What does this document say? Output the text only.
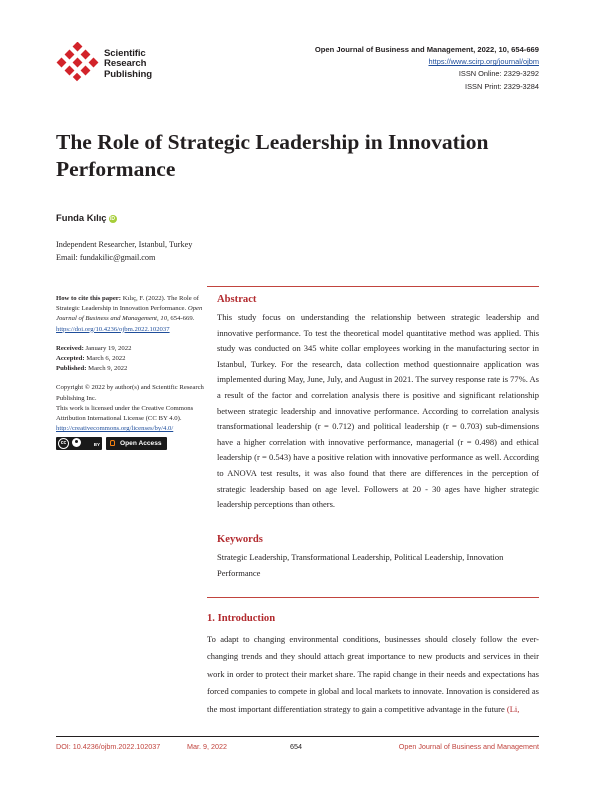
Scientific
Research
Publishing
Open Journal of Business and Management, 2022, 10, 654-669
https://www.scirp.org/journal/ojbm
ISSN Online: 2329-3292
ISSN Print: 2329-3284
The Role of Strategic Leadership in Innovation Performance
Funda Kılıç iD
Independent Researcher, Istanbul, Turkey
Email: fundakilic@gmail.com

How to cite this paper: Kılıç, F. (2022). The Role of Strategic Leadership in Innovation Performance. Open Journal of Business and Management, 10, 654-669.

https://doi.org/10.4236/ojbm.2022.102037

Received: January 19, 2022

Accepted: March 6, 2022

Published: March 9, 2022

Copyright © 2022 by author(s) and Scientific Research Publishing Inc.

This work is licensed under the Creative Commons Attribution International License (CC BY 4.0).

http://creativecommons.org/licenses/by/4.0/

cc	BY	Open Access
Abstract

This study focus on understanding the relationship between strategic leadership and innovative performance. To test the theoretical model quantitative method was applied. This study was conducted on 345 white collar employees working in the manufacturing sector in Istanbul, Turkey. For the research, data collection method questionnaire application was implemented during May, June, July, and August in 2021. The survey response rate is 77%. As a result of the factor and correlation analysis there is positive and significant relationship between strategic leadership and innovative performance. According to correlation analysis transformational leadership (r = 0.712) and political leadership (r = 0.703) sub-dimensions have a higher correlation with innovative performance, managerial (r = 0.498) and ethical leadership (r = 0.543) have a positive relation with innovative performance as well. According to ANOVA test results, it was also found that there are differences in the perception of strategic leadership based on age level. Followers at 20 - 30 ages have higher strategic leadership perceptions than others.

Keywords

Strategic Leadership, Transformational Leadership, Political Leadership, Innovation Performance

1. Introduction

To adapt to changing environmental conditions, businesses should closely follow the ever-changing trends and they should attach great importance to new products and services in their work in order to protect their market share. The rapid change in their needs and expectations has forced companies to compete in global and local markets to innovate. Innovation is considered as the most important differentiation strategy to gain a competitive advantage in the future (Li,

DOI: 10.4236/ojbm.2022.102037	Mar. 9, 2022	654	Open Journal of Business and Management
